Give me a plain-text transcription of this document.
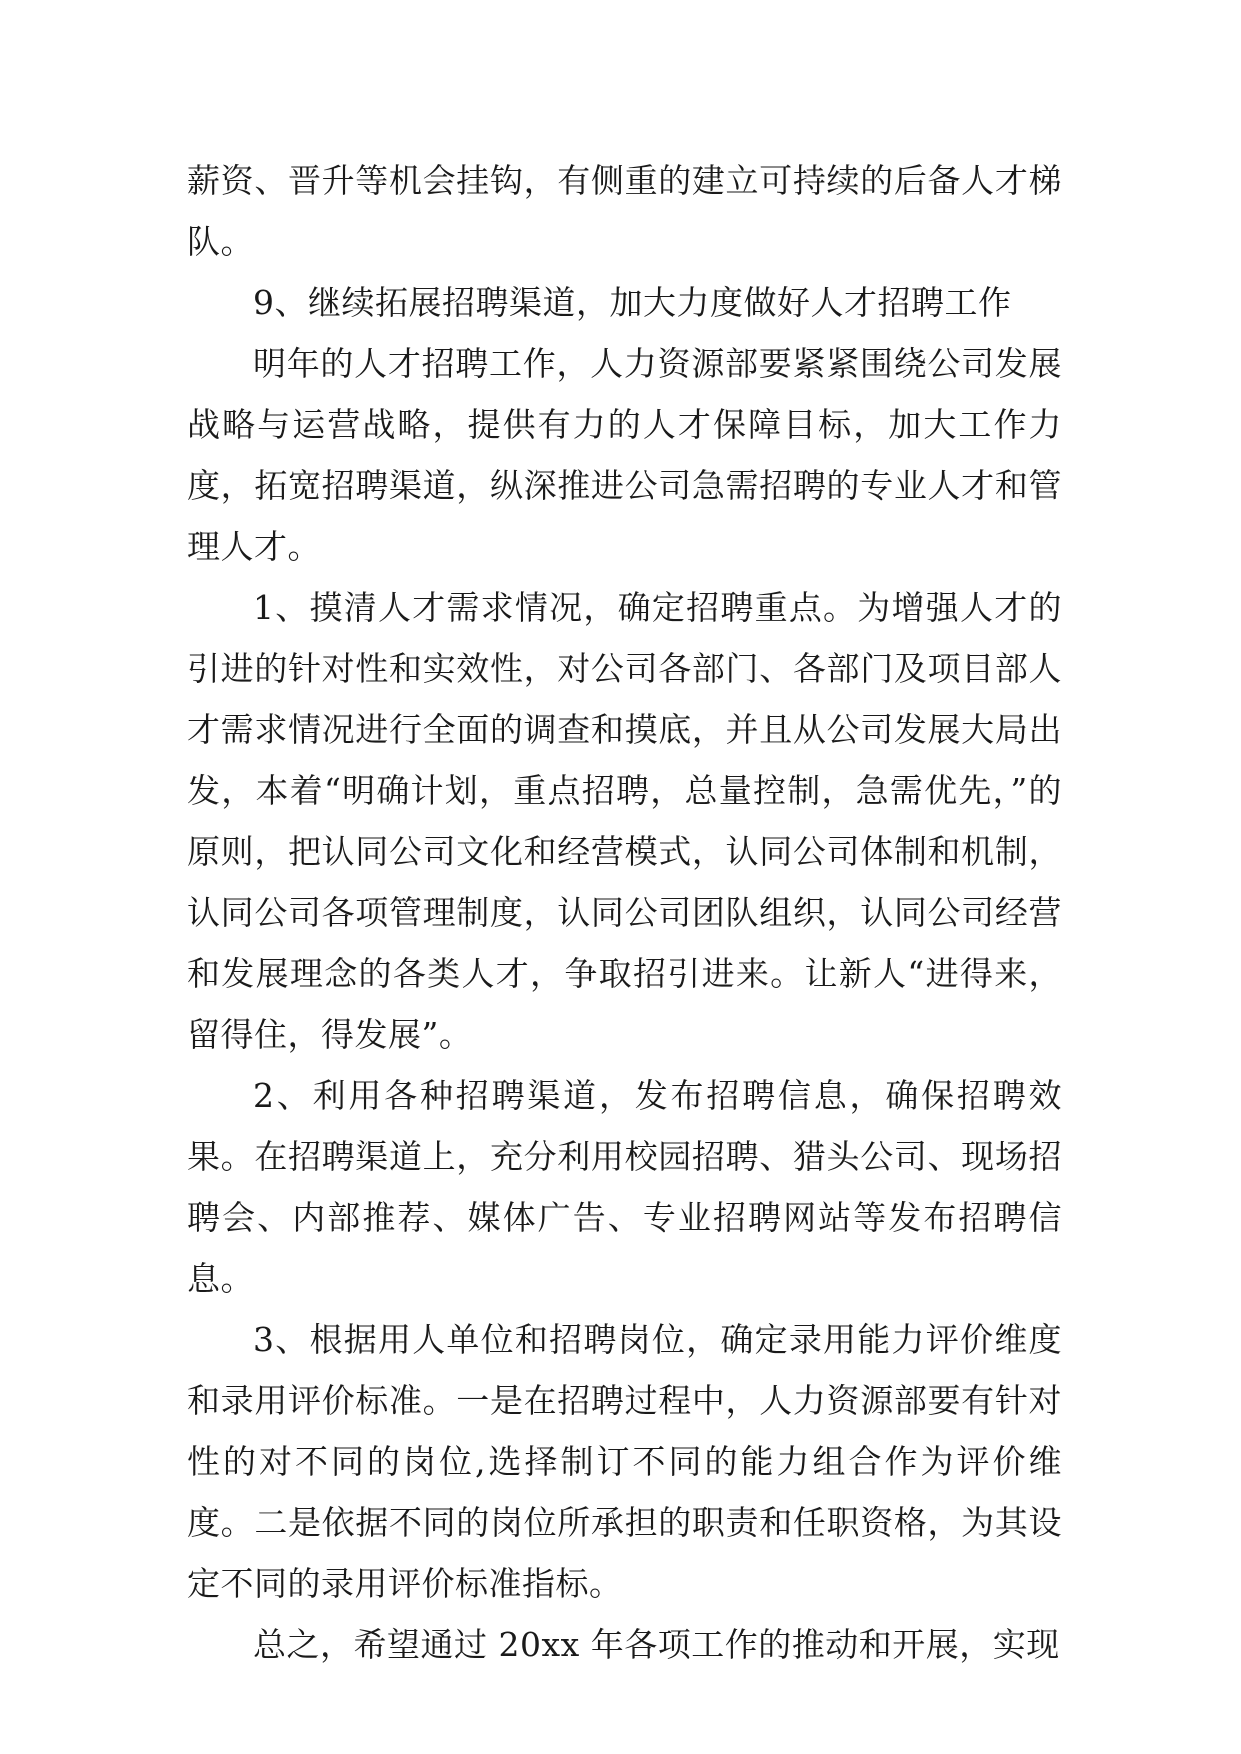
薪资、晋升等机会挂钩，有侧重的建立可持续的后备人才梯队。

9、继续拓展招聘渠道，加大力度做好人才招聘工作

明年的人才招聘工作，人力资源部要紧紧围绕公司发展战略与运营战略，提供有力的人才保障目标，加大工作力度，拓宽招聘渠道，纵深推进公司急需招聘的专业人才和管理人才。

1、摸清人才需求情况，确定招聘重点。为增强人才的引进的针对性和实效性，对公司各部门、各部门及项目部人才需求情况进行全面的调查和摸底，并且从公司发展大局出发，本着“明确计划，重点招聘，总量控制，急需优先，”的原则，把认同公司文化和经营模式，认同公司体制和机制，认同公司各项管理制度，认同公司团队组织，认同公司经营和发展理念的各类人才，争取招引进来。让新人“进得来，留得住，得发展”。

2、利用各种招聘渠道，发布招聘信息，确保招聘效果。在招聘渠道上，充分利用校园招聘、猎头公司、现场招聘会、内部推荐、媒体广告、专业招聘网站等发布招聘信息。

3、根据用人单位和招聘岗位，确定录用能力评价维度和录用评价标准。一是在招聘过程中，人力资源部要有针对性的对不同的岗位,选择制订不同的能力组合作为评价维度。二是依据不同的岗位所承担的职责和任职资格，为其设定不同的录用评价标准指标。

总之，希望通过 20xx 年各项工作的推动和开展，实现
